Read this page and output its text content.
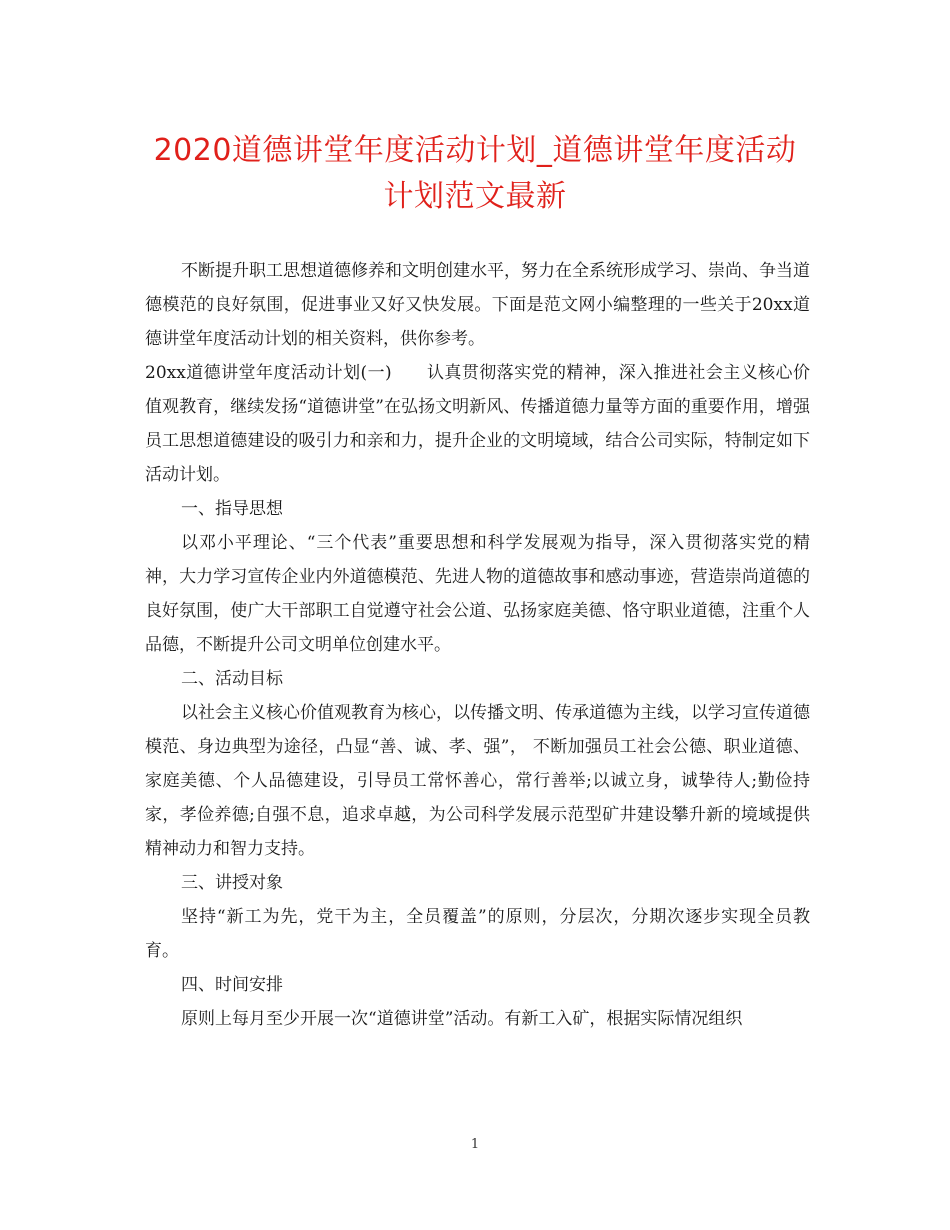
2020道德讲堂年度活动计划_道德讲堂年度活动计划范文最新

不断提升职工思想道德修养和文明创建水平，努力在全系统形成学习、崇尚、争当道德模范的良好氛围，促进事业又好又快发展。下面是范文网小编整理的一些关于20xx道德讲堂年度活动计划的相关资料，供你参考。

20xx道德讲堂年度活动计划(一)　　认真贯彻落实党的精神，深入推进社会主义核心价值观教育，继续发扬“道德讲堂”在弘扬文明新风、传播道德力量等方面的重要作用，增强员工思想道德建设的吸引力和亲和力，提升企业的文明境域，结合公司实际，特制定如下活动计划。

一、指导思想

以邓小平理论、“三个代表”重要思想和科学发展观为指导，深入贯彻落实党的精神，大力学习宣传企业内外道德模范、先进人物的道德故事和感动事迹，营造崇尚道德的良好氛围，使广大干部职工自觉遵守社会公道、弘扬家庭美德、恪守职业道德，注重个人品德，不断提升公司文明单位创建水平。

二、活动目标

以社会主义核心价值观教育为核心，以传播文明、传承道德为主线，以学习宣传道德模范、身边典型为途径，凸显“善、诚、孝、强”， 不断加强员工社会公德、职业道德、家庭美德、个人品德建设，引导员工常怀善心，常行善举;以诚立身，诚挚待人;勤俭持家，孝俭养德;自强不息，追求卓越，为公司科学发展示范型矿井建设攀升新的境域提供精神动力和智力支持。

三、讲授对象

坚持“新工为先，党干为主，全员覆盖”的原则，分层次，分期次逐步实现全员教育。

四、时间安排

原则上每月至少开展一次“道德讲堂”活动。有新工入矿，根据实际情况组织

1
